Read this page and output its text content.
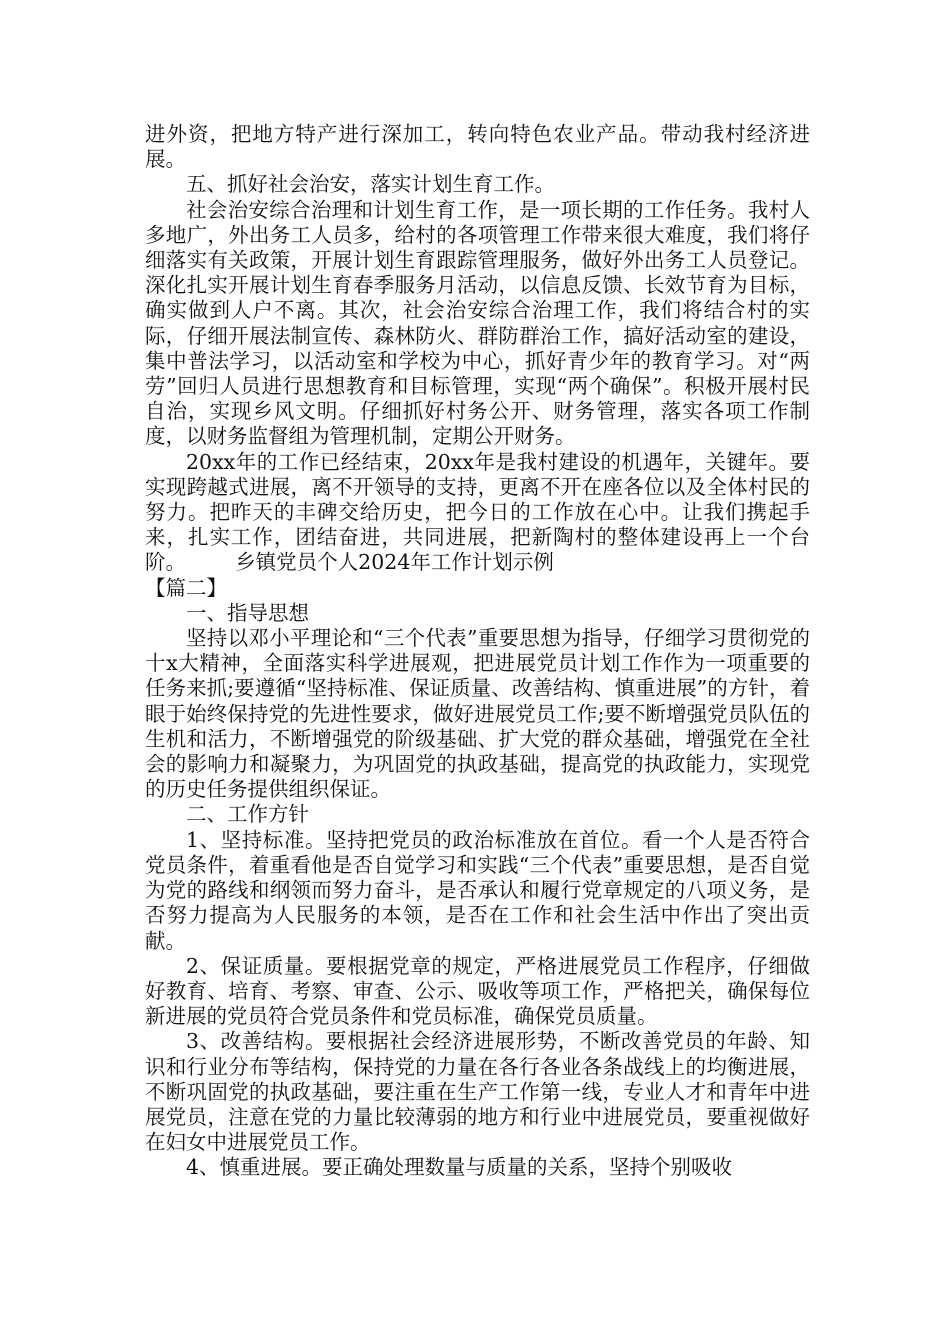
进外资，把地方特产进行深加工，转向特色农业产品。带动我村经济进展。

五、抓好社会治安，落实计划生育工作。

社会治安综合治理和计划生育工作，是一项长期的工作任务。我村人多地广，外出务工人员多，给村的各项管理工作带来很大难度，我们将仔细落实有关政策，开展计划生育跟踪管理服务，做好外出务工人员登记。深化扎实开展计划生育春季服务月活动，以信息反馈、长效节育为目标，确实做到人户不离。其次，社会治安综合治理工作，我们将结合村的实际，仔细开展法制宣传、森林防火、群防群治工作，搞好活动室的建设，集中普法学习，以活动室和学校为中心，抓好青少年的教育学习。对“两劳”回归人员进行思想教育和目标管理，实现“两个确保”。积极开展村民自治，实现乡风文明。仔细抓好村务公开、财务管理，落实各项工作制度，以财务监督组为管理机制，定期公开财务。

20xx年的工作已经结束，20xx年是我村建设的机遇年，关键年。要实现跨越式进展，离不开领导的支持，更离不开在座各位以及全体村民的努力。把昨天的丰碑交给历史，把今日的工作放在心中。让我们携起手来，扎实工作，团结奋进，共同进展，把新陶村的整体建设再上一个台阶。 乡镇党员个人2024年工作计划示例

【篇二】

一、指导思想

坚持以邓小平理论和“三个代表”重要思想为指导，仔细学习贯彻党的十x大精神，全面落实科学进展观，把进展党员计划工作作为一项重要的任务来抓;要遵循“坚持标准、保证质量、改善结构、慎重进展”的方针，着眼于始终保持党的先进性要求，做好进展党员工作;要不断增强党员队伍的生机和活力，不断增强党的阶级基础、扩大党的群众基础，增强党在全社会的影响力和凝聚力，为巩固党的执政基础，提高党的执政能力，实现党的历史任务提供组织保证。

二、工作方针

1、坚持标准。坚持把党员的政治标准放在首位。看一个人是否符合党员条件，着重看他是否自觉学习和实践“三个代表”重要思想，是否自觉为党的路线和纲领而努力奋斗，是否承认和履行党章规定的八项义务，是否努力提高为人民服务的本领，是否在工作和社会生活中作出了突出贡献。

2、保证质量。要根据党章的规定，严格进展党员工作程序，仔细做好教育、培育、考察、审查、公示、吸收等项工作，严格把关，确保每位新进展的党员符合党员条件和党员标准，确保党员质量。

3、改善结构。要根据社会经济进展形势，不断改善党员的年龄、知识和行业分布等结构，保持党的力量在各行各业各条战线上的均衡进展，不断巩固党的执政基础，要注重在生产工作第一线，专业人才和青年中进展党员，注意在党的力量比较薄弱的地方和行业中进展党员，要重视做好在妇女中进展党员工作。

4、慎重进展。要正确处理数量与质量的关系，坚持个别吸收
